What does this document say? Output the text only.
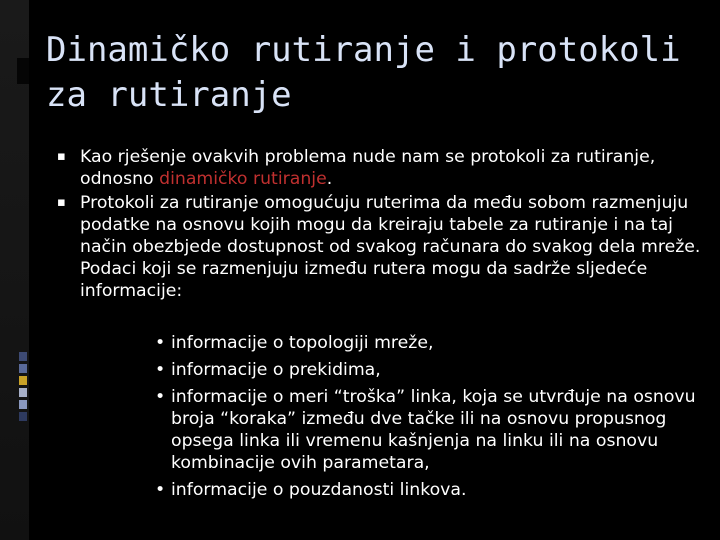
Dinamičko rutiranje i protokoli za rutiranje
▪ Kao rješenje ovakvih problema nude nam se protokoli za rutiranje, odnosno dinamičko rutiranje.
▪ Protokoli za rutiranje omogućuju ruterima da među sobom razmenjuju podatke na osnovu kojih mogu da kreiraju tabele za rutiranje i na taj način obezbjede dostupnost od svakog računara do svakog dela mreže. Podaci koji se razmenjuju između rutera mogu da sadrže sljedeće informacije:
• informacije o topologiji mreže,
• informacije o prekidima,
• informacije o meri “troška” linka, koja se utvrđuje na osnovu broja “koraka” između dve tačke ili na osnovu propusnog opsega linka ili vremenu kašnjenja na linku ili na osnovu kombinacije ovih parametara,
• informacije o pouzdanosti linkova.
